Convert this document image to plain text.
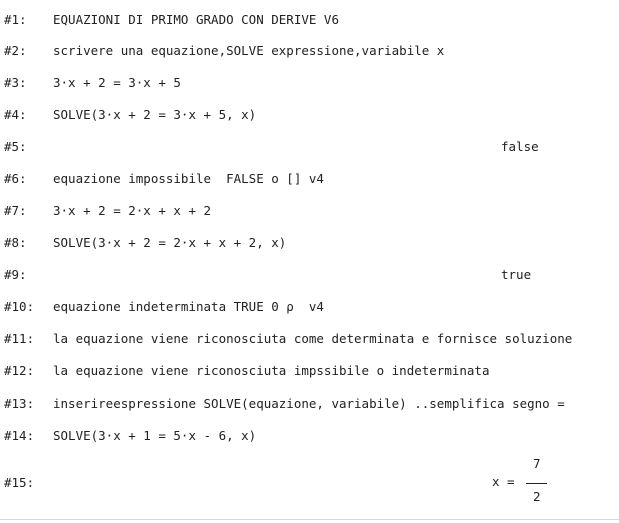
#1: EQUAZIONI DI PRIMO GRADO CON DERIVE V6
#2: scrivere una equazione,SOLVE expressione,variabile x
#3: 3·x + 2 = 3·x + 5
#4: SOLVE(3·x + 2 = 3·x + 5, x)
#5:	false
#6: equazione impossibile  FALSE o [] v4
#7: 3·x + 2 = 2·x + x + 2
#8: SOLVE(3·x + 2 = 2·x + x + 2, x)
#9:	true
#10: equazione indeterminata TRUE 0 ρ  v4
#11: la equazione viene riconosciuta come determinata e fornisce soluzione
#12: la equazione viene riconosciuta impssibile o indeterminata
#13: inserireespressione SOLVE(equazione, variabile) ..semplifica segno =
#14: SOLVE(3·x + 1 = 5·x - 6, x)
#15:	x =
7
2
